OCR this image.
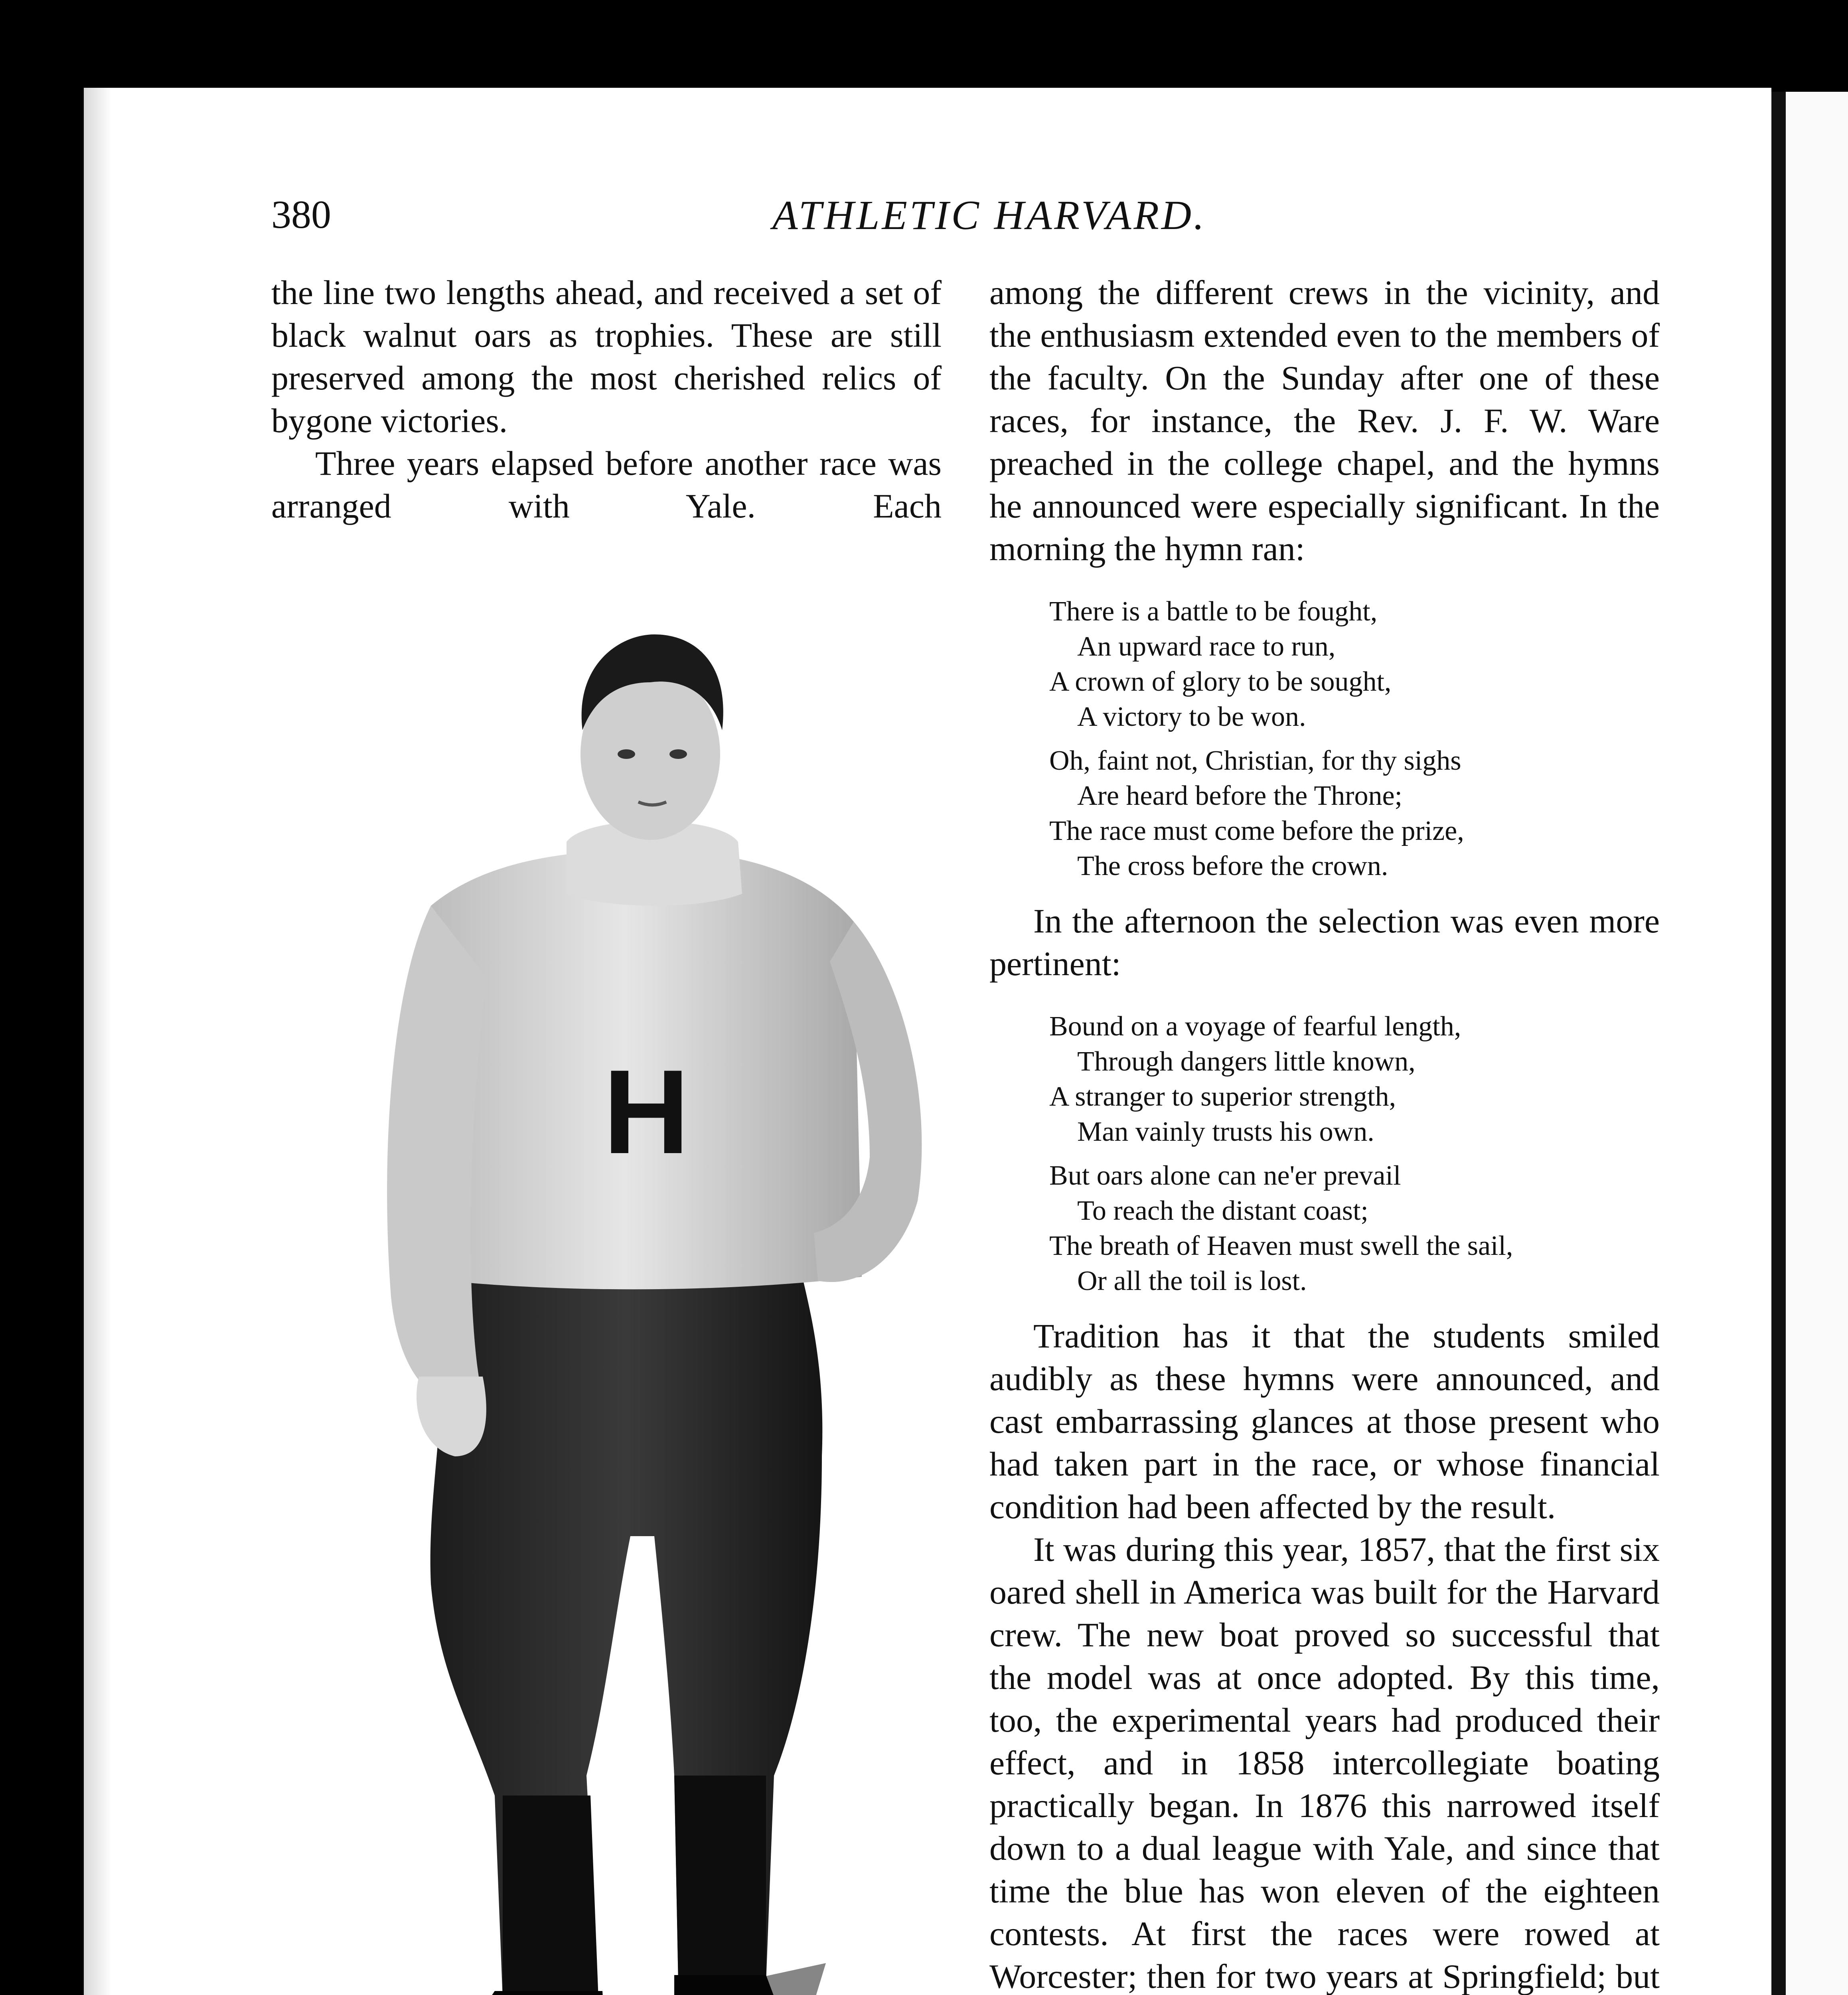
380	ATHLETIC HARVARD.

the line two lengths ahead, and received a set of black walnut oars as trophies. These are still preserved among the most cherished relics of bygone victories.

Three years elapsed before another race was arranged with Yale. Each

H

among the different crews in the vicinity, and the enthusiasm extended even to the members of the faculty. On the Sunday after one of these races, for instance, the Rev. J. F. W. Ware preached in the college chapel, and the hymns he announced were especially significant. In the morning the hymn ran:

There is a battle to be fought,
An upward race to run,
A crown of glory to be sought,
A victory to be won.
Oh, faint not, Christian, for thy sighs
Are heard before the Throne;
The race must come before the prize,
The cross before the crown.

In the afternoon the selection was even more pertinent:

Bound on a voyage of fearful length,
Through dangers little known,
A stranger to superior strength,
Man vainly trusts his own.
But oars alone can ne'er prevail
To reach the distant coast;
The breath of Heaven must swell the sail,
Or all the toil is lost.

Tradition has it that the students smiled audibly as these hymns were announced, and cast embarrassing glances at those present who had taken part in the race, or whose financial condition had been affected by the result.

It was during this year, 1857, that the first six oared shell in America was built for the Harvard crew. The new boat proved so successful that the model was at once adopted. By this time, too, the experimental years had produced their effect, and in 1858 intercollegiate boating practically began. In 1876 this narrowed itself down to a dual league with Yale, and since that time the blue has won eleven of the eighteen contests. At first the races were rowed at Worcester; then for two years at Springfield; but
